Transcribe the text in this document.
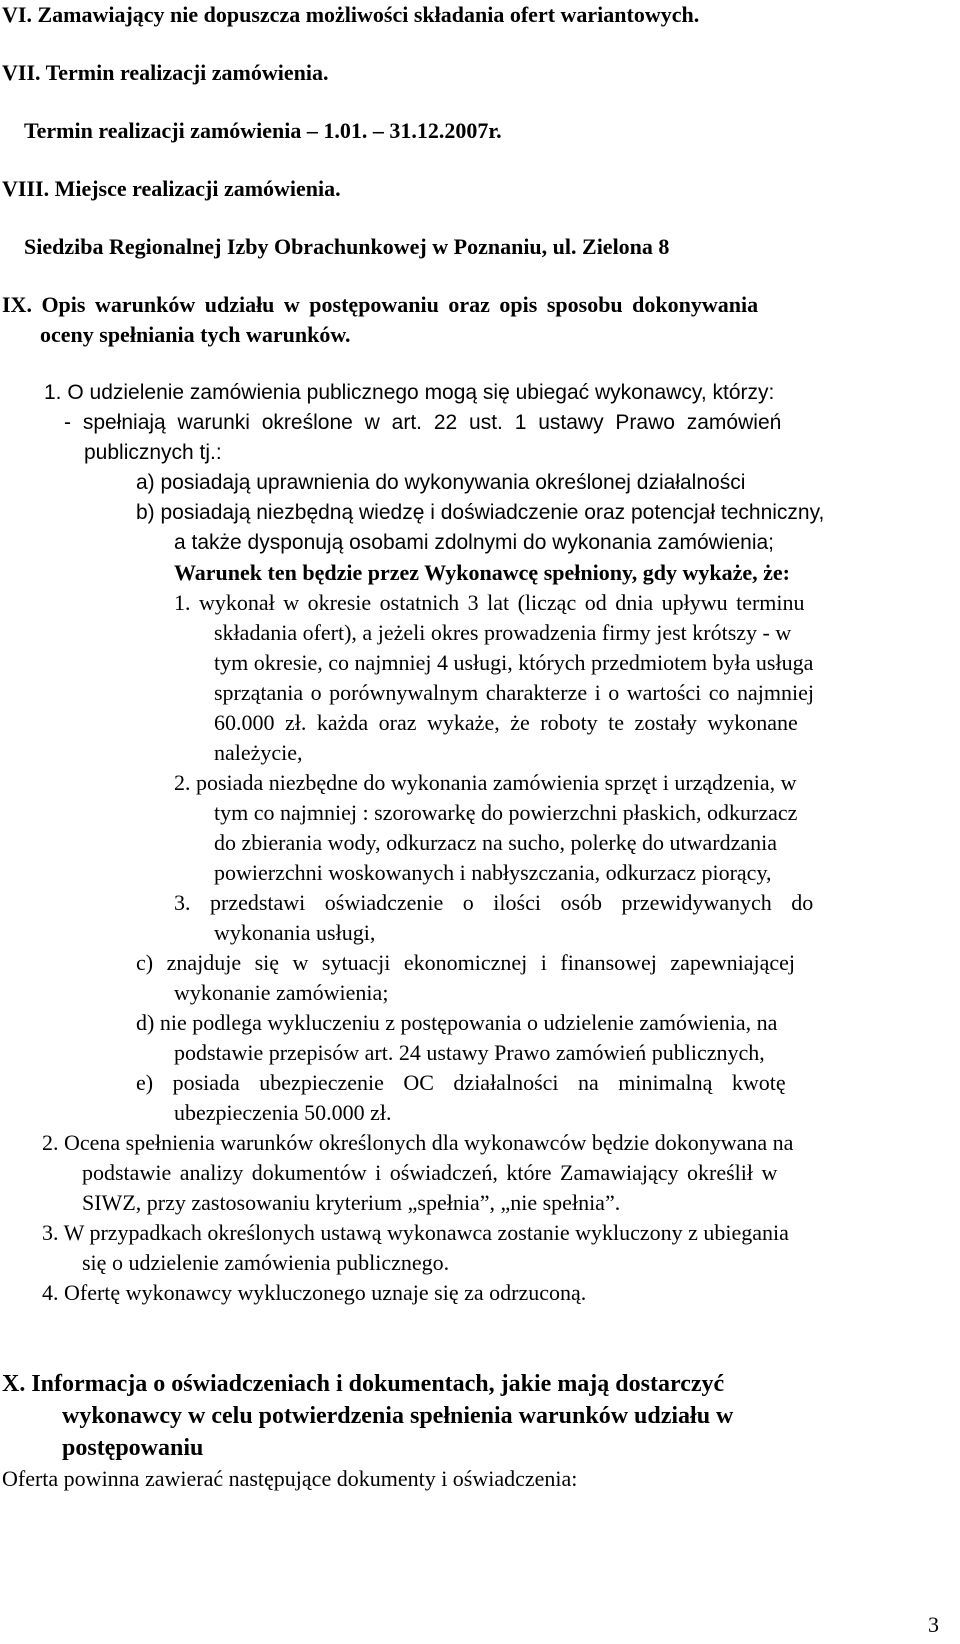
VI. Zamawiający nie dopuszcza możliwości składania ofert wariantowych.
VII. Termin realizacji zamówienia.
Termin realizacji zamówienia – 1.01. – 31.12.2007r.
VIII. Miejsce realizacji zamówienia.
Siedziba Regionalnej Izby Obrachunkowej w Poznaniu, ul. Zielona 8
IX. Opis warunków udziału w postępowaniu oraz opis sposobu dokonywania
oceny spełniania tych warunków.
1. O udzielenie zamówienia publicznego mogą się ubiegać wykonawcy, którzy:
- spełniają warunki określone w art. 22 ust. 1 ustawy Prawo zamówień
publicznych tj.:
a) posiadają uprawnienia do wykonywania określonej działalności
b) posiadają niezbędną wiedzę i doświadczenie oraz potencjał techniczny,
a także dysponują osobami zdolnymi do wykonania zamówienia;
Warunek ten będzie przez Wykonawcę spełniony, gdy wykaże, że:
1. wykonał w okresie ostatnich 3 lat (licząc od dnia upływu terminu
składania ofert), a jeżeli okres prowadzenia firmy jest krótszy - w
tym okresie, co najmniej 4 usługi, których przedmiotem była usługa
sprzątania o porównywalnym charakterze i o wartości co najmniej
60.000 zł. każda oraz wykaże, że roboty te zostały wykonane
należycie,
2. posiada niezbędne do wykonania zamówienia sprzęt i urządzenia, w
tym co najmniej : szorowarkę do powierzchni płaskich, odkurzacz
do zbierania wody, odkurzacz na sucho, polerkę do utwardzania
powierzchni woskowanych i nabłyszczania, odkurzacz piorący,
3. przedstawi oświadczenie o ilości osób przewidywanych do
wykonania usługi,
c) znajduje się w sytuacji ekonomicznej i finansowej zapewniającej
wykonanie zamówienia;
d) nie podlega wykluczeniu z postępowania o udzielenie zamówienia, na
podstawie przepisów art. 24 ustawy Prawo zamówień publicznych,
e) posiada ubezpieczenie OC działalności na minimalną kwotę
ubezpieczenia 50.000 zł.
2. Ocena spełnienia warunków określonych dla wykonawców będzie dokonywana na
podstawie analizy dokumentów i oświadczeń, które Zamawiający określił w
SIWZ, przy zastosowaniu kryterium „spełnia”, „nie spełnia”.
3. W przypadkach określonych ustawą wykonawca zostanie wykluczony z ubiegania
się o udzielenie zamówienia publicznego.
4. Ofertę wykonawcy wykluczonego uznaje się za odrzuconą.
X. Informacja o oświadczeniach i dokumentach, jakie mają dostarczyć
wykonawcy w celu potwierdzenia spełnienia warunków udziału w
postępowaniu
Oferta powinna zawierać następujące dokumenty i oświadczenia:
3
